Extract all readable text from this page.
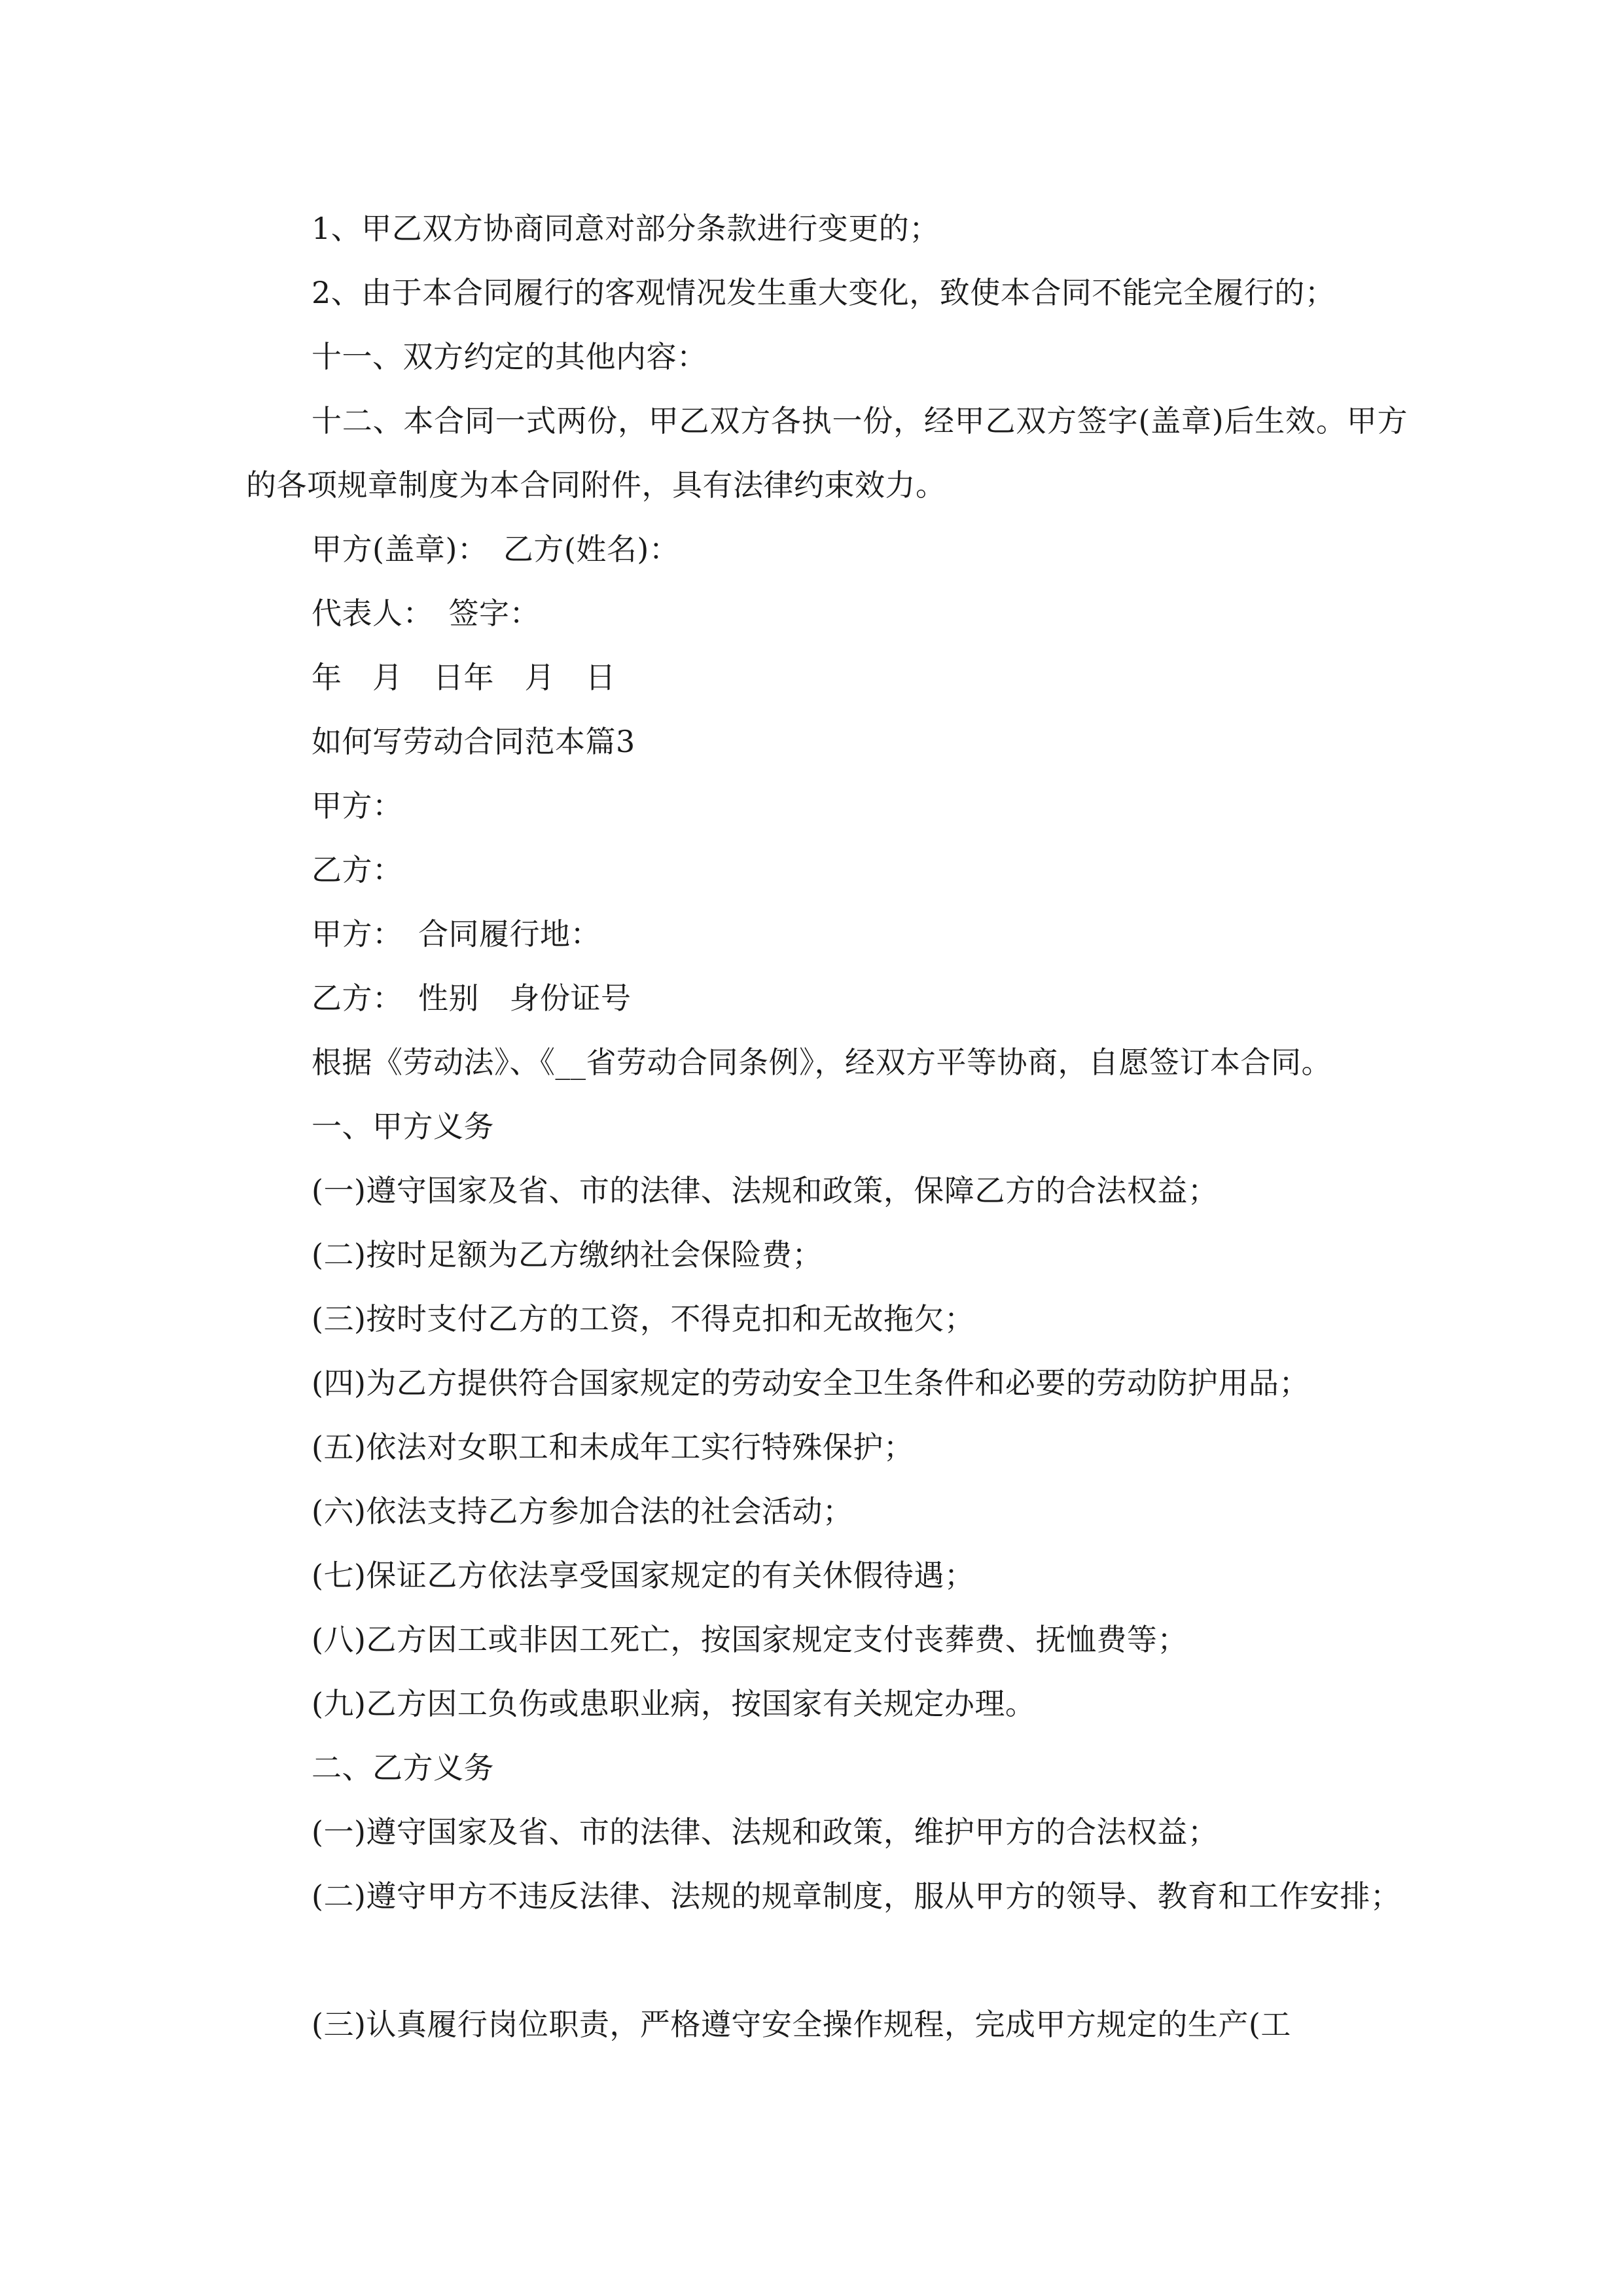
1、甲乙双方协商同意对部分条款进行变更的；

2、由于本合同履行的客观情况发生重大变化，致使本合同不能完全履行的；

十一、双方约定的其他内容：

十二、本合同一式两份，甲乙双方各执一份，经甲乙双方签字(盖章)后生效。甲方的各项规章制度为本合同附件，具有法律约束效力。

甲方(盖章)：　乙方(姓名)：

代表人：　签字：

年　月　日年　月　日

如何写劳动合同范本篇3

甲方：

乙方：

甲方：　合同履行地：

乙方：　性别　身份证号

根据《劳动法》、《__省劳动合同条例》，经双方平等协商，自愿签订本合同。

一、甲方义务

(一)遵守国家及省、市的法律、法规和政策，保障乙方的合法权益；

(二)按时足额为乙方缴纳社会保险费；

(三)按时支付乙方的工资，不得克扣和无故拖欠；

(四)为乙方提供符合国家规定的劳动安全卫生条件和必要的劳动防护用品；

(五)依法对女职工和未成年工实行特殊保护；

(六)依法支持乙方参加合法的社会活动；

(七)保证乙方依法享受国家规定的有关休假待遇；

(八)乙方因工或非因工死亡，按国家规定支付丧葬费、抚恤费等；

(九)乙方因工负伤或患职业病，按国家有关规定办理。

二、乙方义务

(一)遵守国家及省、市的法律、法规和政策，维护甲方的合法权益；

(二)遵守甲方不违反法律、法规的规章制度，服从甲方的领导、教育和工作安排；

(三)认真履行岗位职责，严格遵守安全操作规程，完成甲方规定的生产(工
